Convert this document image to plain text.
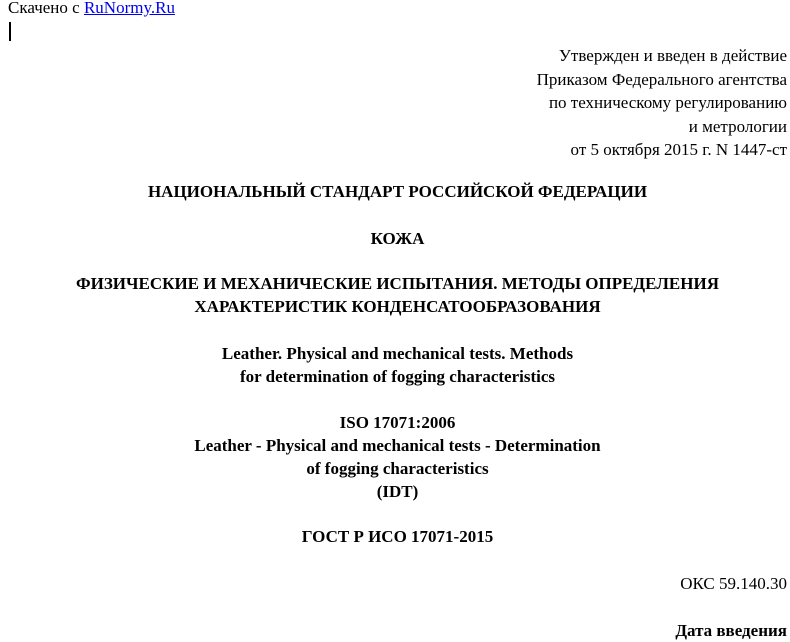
Скачено с RuNormy.Ru
Утвержден и введен в действие
Приказом Федерального агентства
по техническому регулированию
и метрологии
от 5 октября 2015 г. N 1447-ст
НАЦИОНАЛЬНЫЙ СТАНДАРТ РОССИЙСКОЙ ФЕДЕРАЦИИ
КОЖА
ФИЗИЧЕСКИЕ И МЕХАНИЧЕСКИЕ ИСПЫТАНИЯ. МЕТОДЫ ОПРЕДЕЛЕНИЯ
ХАРАКТЕРИСТИК КОНДЕНСАТООБРАЗОВАНИЯ
Leather. Physical and mechanical tests. Methods
for determination of fogging characteristics
ISO 17071:2006
Leather - Physical and mechanical tests - Determination
of fogging characteristics
(IDT)
ГОСТ Р ИСО 17071-2015
ОКС 59.140.30
Дата введения
